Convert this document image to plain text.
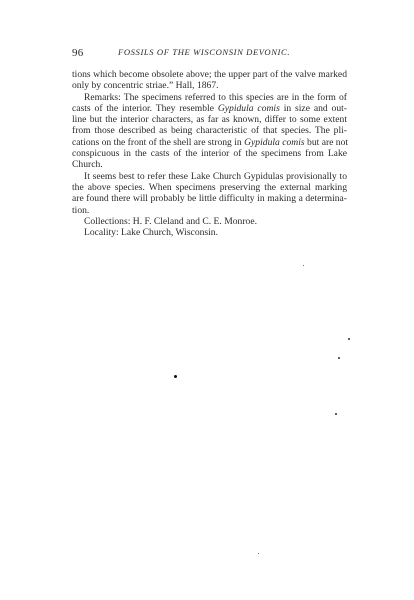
96	FOSSILS OF THE WISCONSIN DEVONIC.
tions which become obsolete above; the upper part of the valve marked
only by concentric striae.” Hall, 1867.
Remarks: The specimens referred to this species are in the form of
casts of the interior. They resemble Gypidula comis in size and out-
line but the interior characters, as far as known, differ to some extent
from those described as being characteristic of that species. The pli-
cations on the front of the shell are strong in Gypidula comis but are not
conspicuous in the casts of the interior of the specimens from Lake
Church.
It seems best to refer these Lake Church Gypidulas provisionally to
the above species. When specimens preserving the external marking
are found there will probably be little difficulty in making a determina-
tion.
Collections: H. F. Cleland and C. E. Monroe.
Locality: Lake Church, Wisconsin.
